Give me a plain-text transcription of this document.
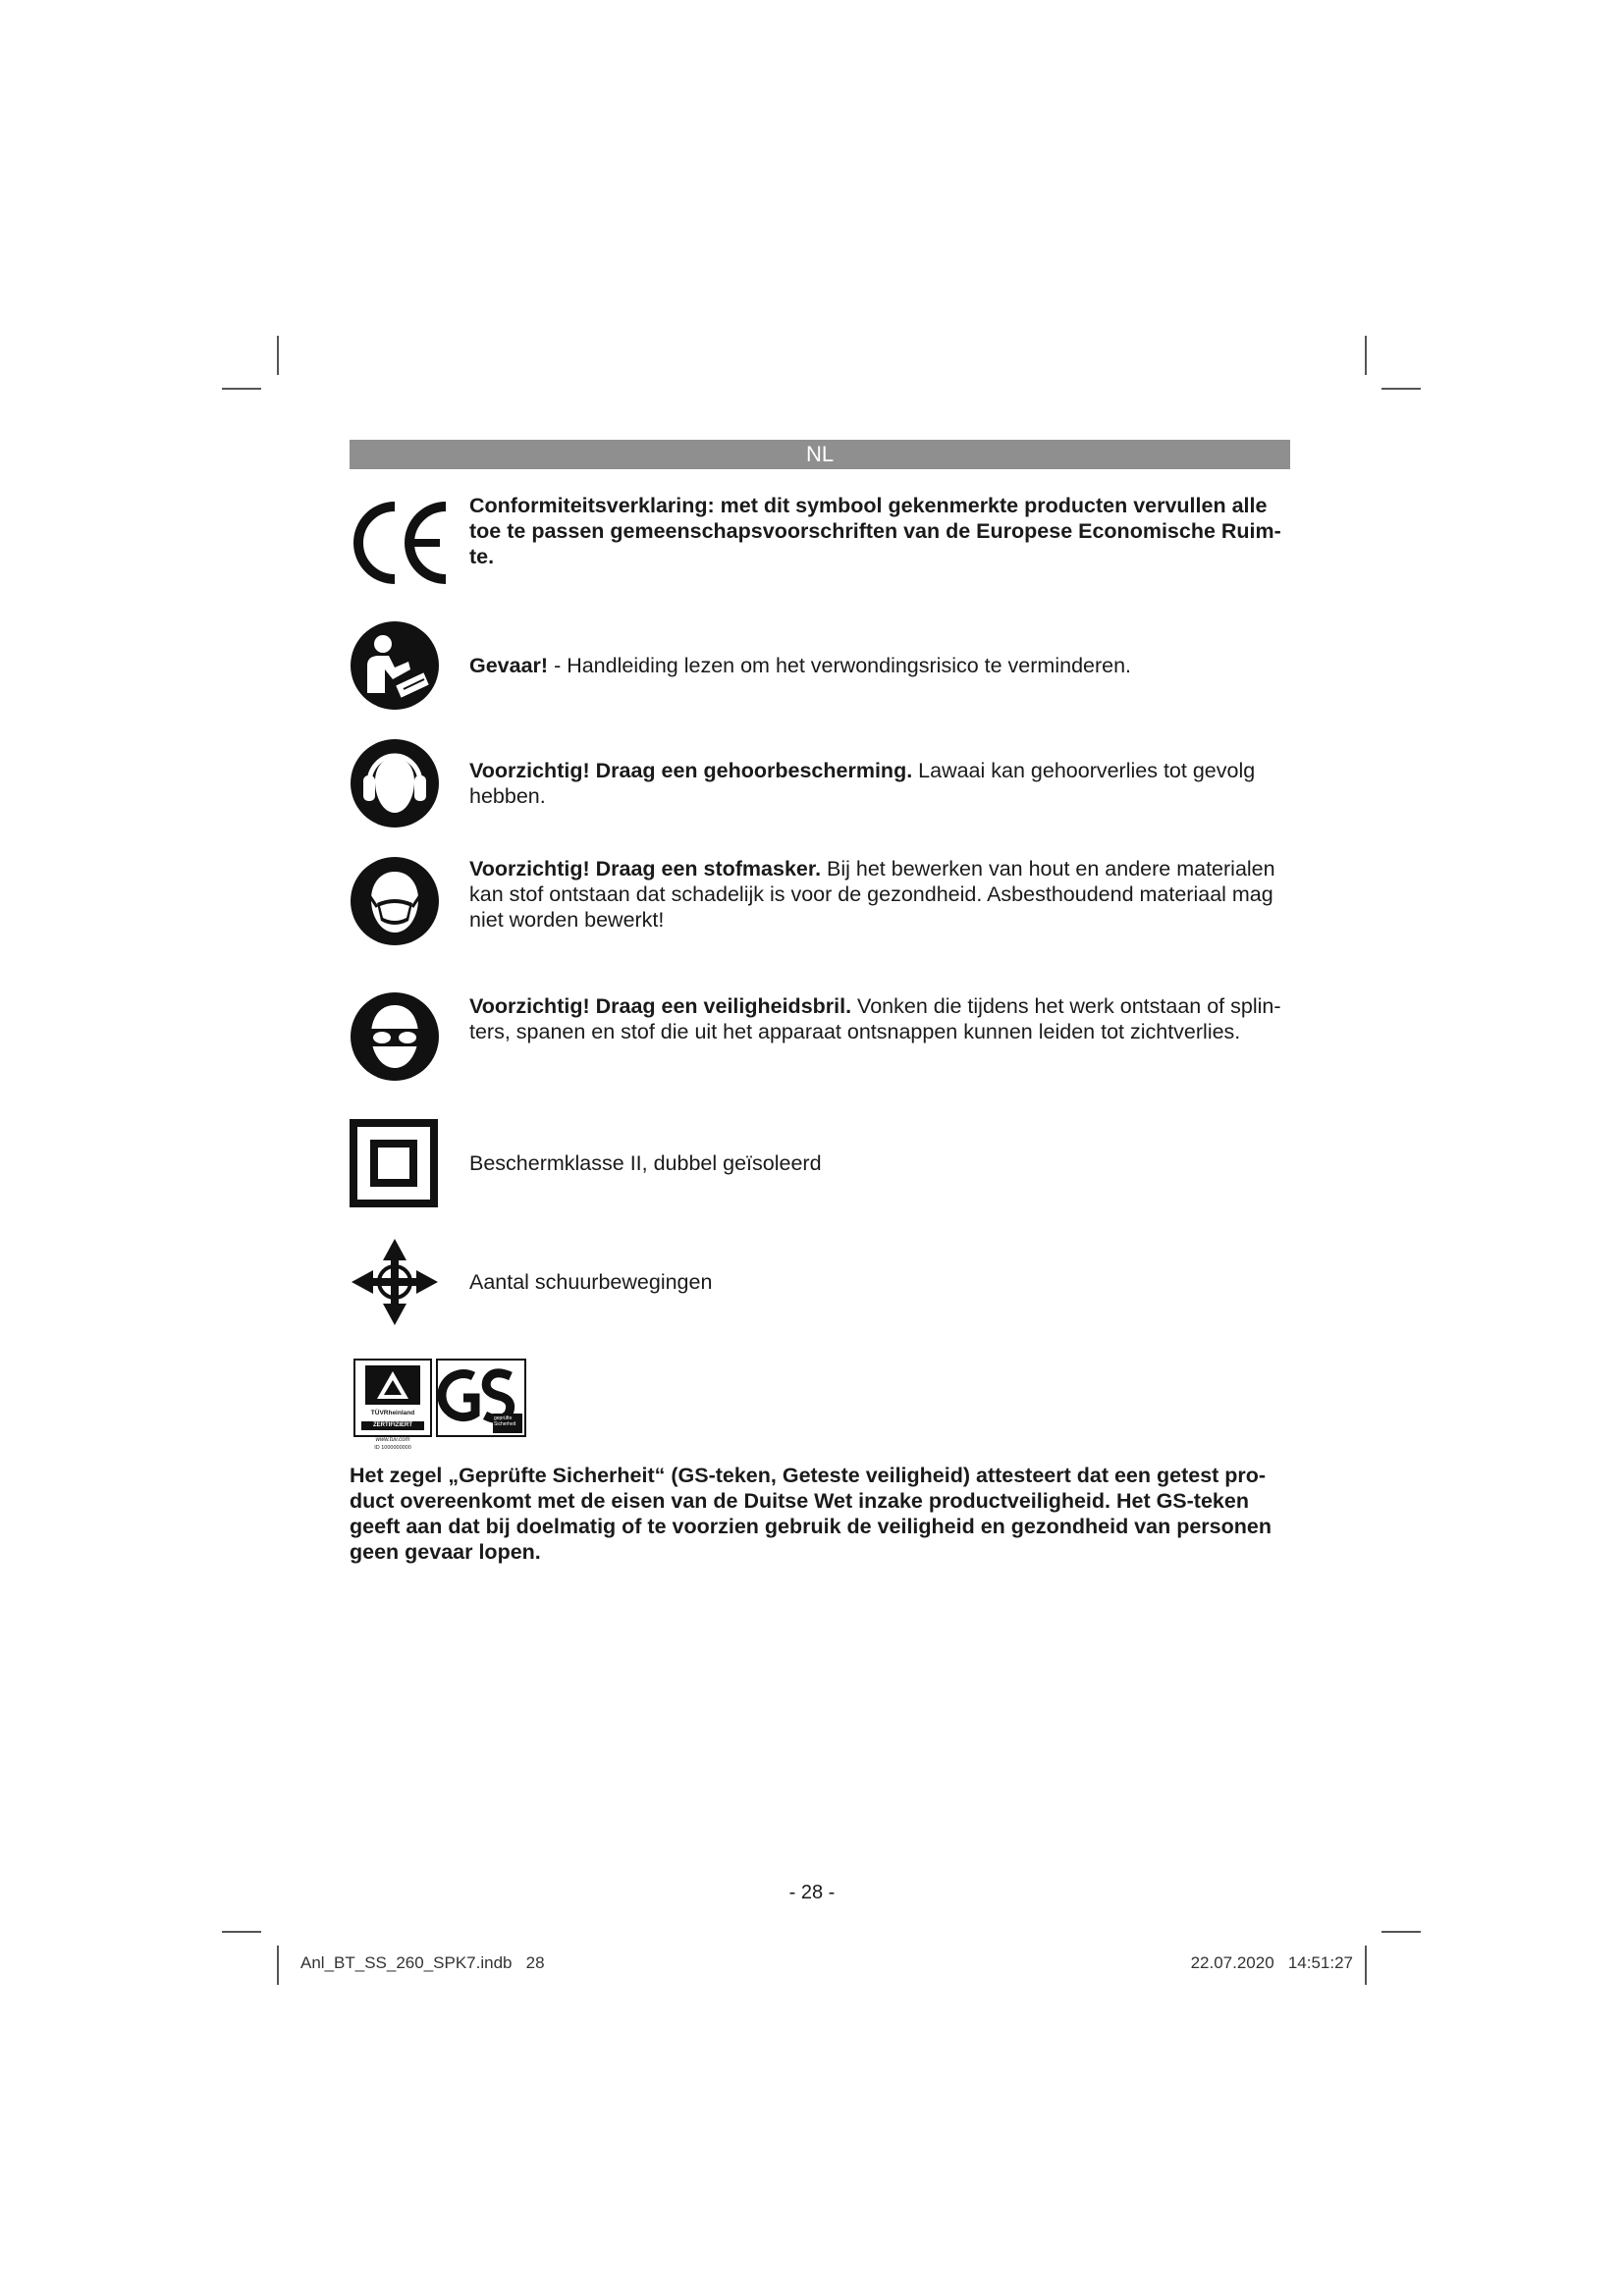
NL
Conformiteitsverklaring: met dit symbool gekenmerkte producten vervullen alle toe te passen gemeenschapsvoorschriften van de Europese Economische Ruim-te.
Gevaar! - Handleiding lezen om het verwondingsrisico te verminderen.
Voorzichtig! Draag een gehoorbescherming. Lawaai kan gehoorverlies tot gevolg hebben.
Voorzichtig! Draag een stofmasker. Bij het bewerken van hout en andere materialen kan stof ontstaan dat schadelijk is voor de gezondheid. Asbesthoudend materiaal mag niet worden bewerkt!
Voorzichtig! Draag een veiligheidsbril. Vonken die tijdens het werk ontstaan of splin-ters, spanen en stof die uit het apparaat ontsnappen kunnen leiden tot zichtverlies.
Beschermklasse II, dubbel geïsoleerd
Aantal schuurbewegingen
TÜVRheinland
ZERTIFIZIERT
www.tuv.com
ID 1000000000
geprüfte Sicherheit
Het zegel „Geprüfte Sicherheit“ (GS-teken, Geteste veiligheid) attesteert dat een getest pro-duct overeenkomt met de eisen van de Duitse Wet inzake productveiligheid. Het GS-teken geeft aan dat bij doelmatig of te voorzien gebruik de veiligheid en gezondheid van personen geen gevaar lopen.
- 28 -
Anl_BT_SS_260_SPK7.indb   28	22.07.2020   14:51:27
